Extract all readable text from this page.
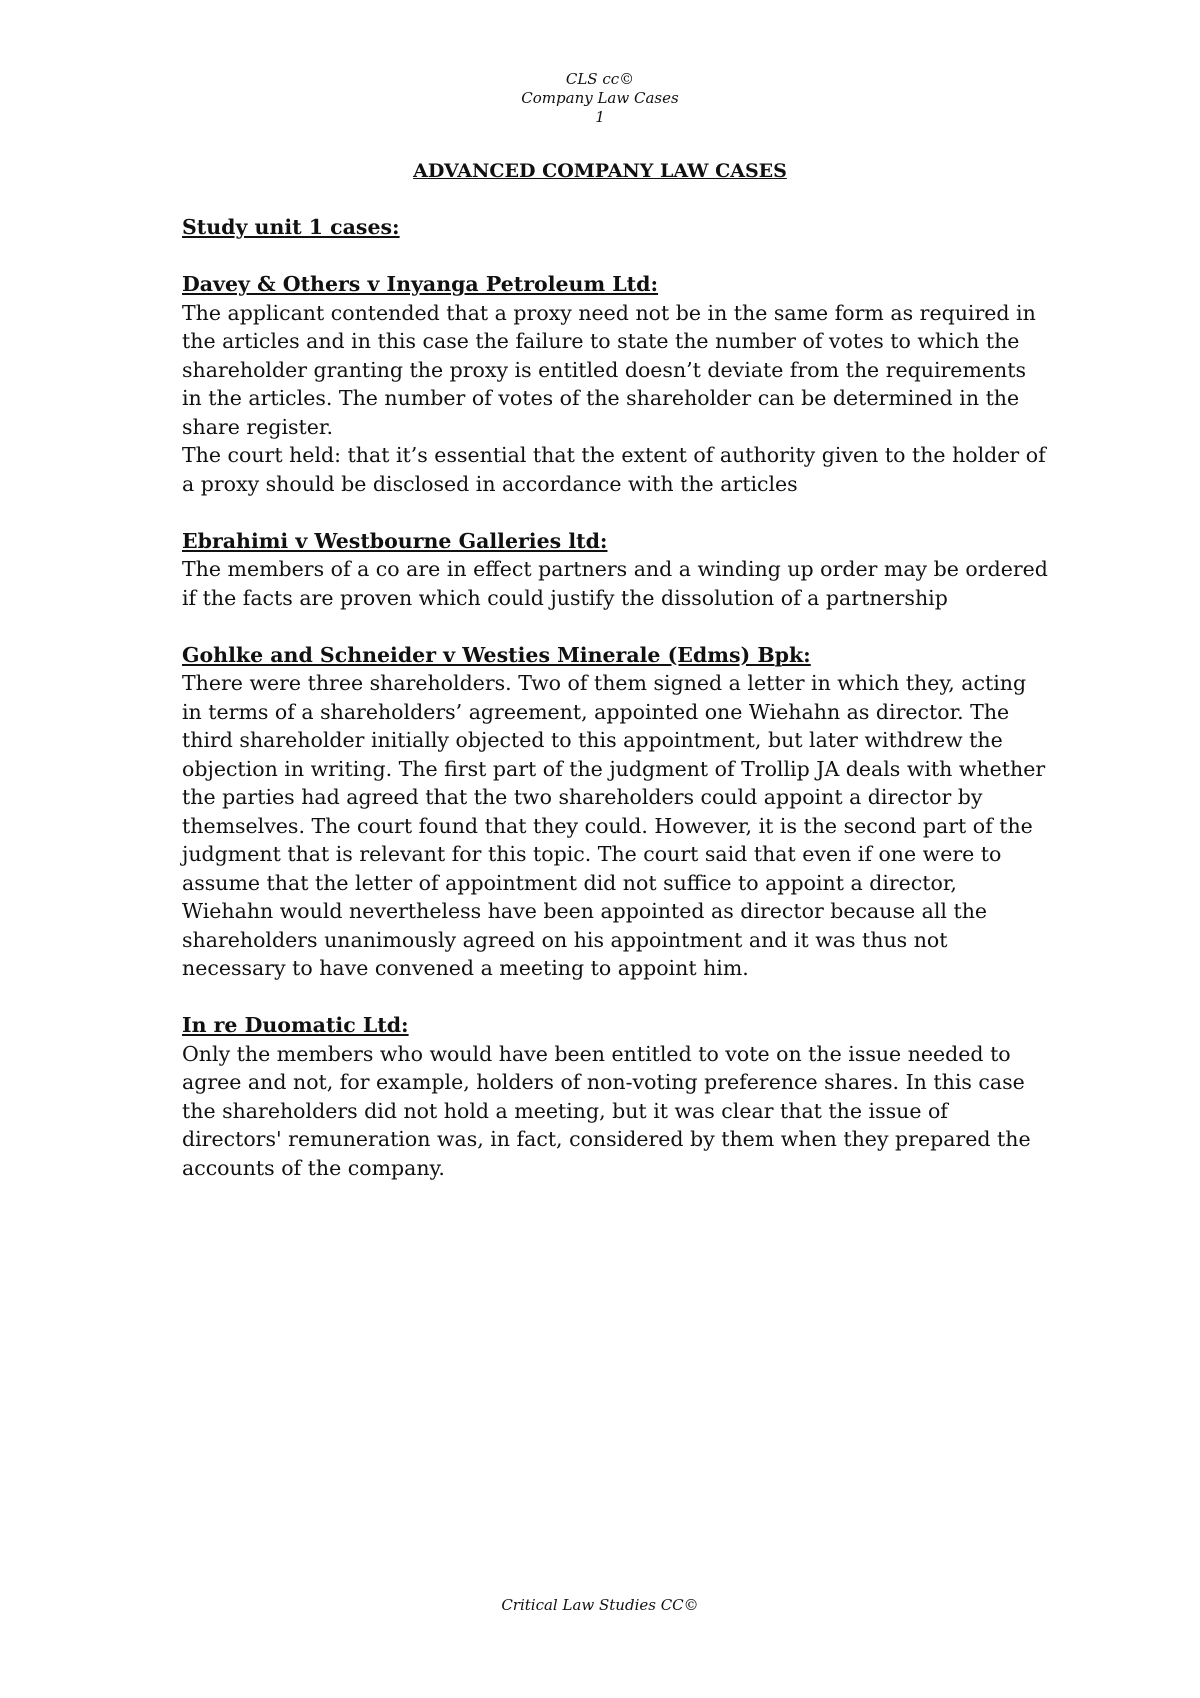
CLS cc©
Company Law Cases
1
ADVANCED COMPANY LAW CASES

Study unit 1 cases:

Davey & Others v Inyanga Petroleum Ltd:

The applicant contended that a proxy need not be in the same form as required in the articles and in this case the failure to state the number of votes to which the shareholder granting the proxy is entitled doesn’t deviate from the requirements in the articles. The number of votes of the shareholder can be determined in the share register.

The court held: that it’s essential that the extent of authority given to the holder of a proxy should be disclosed in accordance with the articles

Ebrahimi v Westbourne Galleries ltd:

The members of a co are in effect partners and a winding up order may be ordered if the facts are proven which could justify the dissolution of a partnership

Gohlke and Schneider v Westies Minerale (Edms) Bpk:

There were three shareholders. Two of them signed a letter in which they, acting in terms of a shareholders’ agreement, appointed one Wiehahn as director. The third shareholder initially objected to this appointment, but later withdrew the objection in writing. The first part of the judgment of Trollip JA deals with whether the parties had agreed that the two shareholders could appoint a director by themselves. The court found that they could. However, it is the second part of the judgment that is relevant for this topic. The court said that even if one were to assume that the letter of appointment did not suffice to appoint a director, Wiehahn would nevertheless have been appointed as director because all the shareholders unanimously agreed on his appointment and it was thus not necessary to have convened a meeting to appoint him.

In re Duomatic Ltd:

Only the members who would have been entitled to vote on the issue needed to agree and not, for example, holders of non-voting preference shares. In this case the shareholders did not hold a meeting, but it was clear that the issue of directors' remuneration was, in fact, considered by them when they prepared the accounts of the company.

Critical Law Studies CC©
